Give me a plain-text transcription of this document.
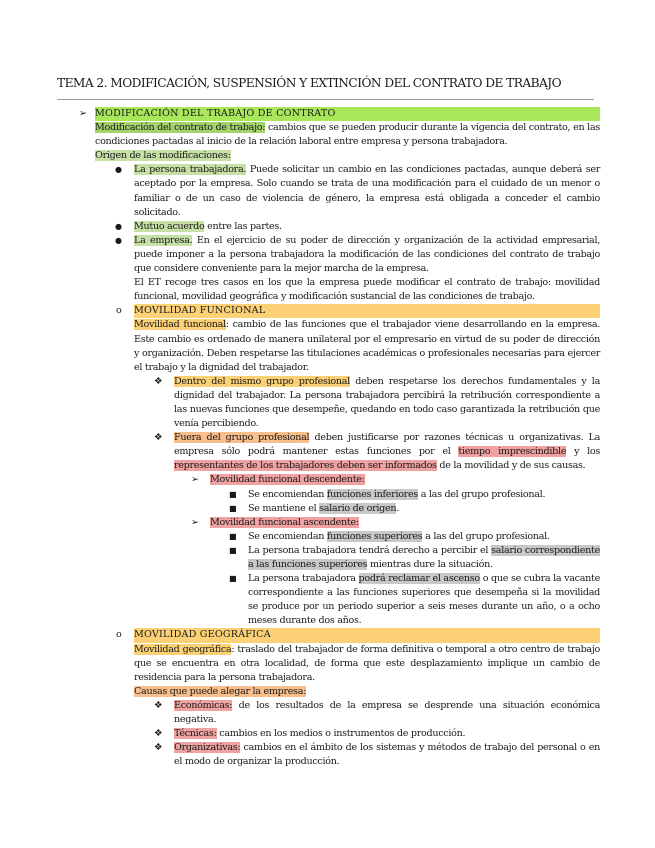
TEMA 2. MODIFICACIÓN, SUSPENSIÓN Y EXTINCIÓN DEL CONTRATO DE TRABAJO
➢ MODIFICACIÓN DEL TRABAJO DE CONTRATO

Modificación del contrato de trabajo: cambios que se pueden producir durante la vigencia del contrato, en las condiciones pactadas al inicio de la relación laboral entre empresa y persona trabajadora.

Origen de las modificaciones:

● La persona trabajadora. Puede solicitar un cambio en las condiciones pactadas, aunque deberá ser aceptado por la empresa. Solo cuando se trata de una modificación para el cuidado de un menor o familiar o de un caso de violencia de género, la empresa está obligada a conceder el cambio solicitado.

● Mutuo acuerdo entre las partes.

● La empresa. En el ejercicio de su poder de dirección y organización de la actividad empresarial, puede imponer a la persona trabajadora la modificación de las condiciones del contrato de trabajo que considere conveniente para la mejor marcha de la empresa.

El ET recoge tres casos en los que la empresa puede modificar el contrato de trabajo: movilidad funcional, movilidad geográfica y modificación sustancial de las condiciones de trabajo.

o MOVILIDAD FUNCIONAL

Movilidad funcional: cambio de las funciones que el trabajador viene desarrollando en la empresa. Este cambio es ordenado de manera unilateral por el empresario en virtud de su poder de dirección y organización. Deben respetarse las titulaciones académicas o profesionales necesarias para ejercer el trabajo y la dignidad del trabajador.

❖ Dentro del mismo grupo profesional deben respetarse los derechos fundamentales y la dignidad del trabajador. La persona trabajadora percibirá la retribución correspondiente a las nuevas funciones que desempeñe, quedando en todo caso garantizada la retribución que venía percibiendo.

❖ Fuera del grupo profesional deben justificarse por razones técnicas u organizativas. La empresa sólo podrá mantener estas funciones por el tiempo imprescindible y los representantes de los trabajadores deben ser informados de la movilidad y de sus causas.

➢ Movilidad funcional descendente:
■ Se encomiendan funciones inferiores a las del grupo profesional.

■ Se mantiene el salario de origen.

➢ Movilidad funcional ascendente:
■ Se encomiendan funciones superiores a las del grupo profesional.

■ La persona trabajadora tendrá derecho a percibir el salario correspondiente a las funciones superiores mientras dure la situación.

■ La persona trabajadora podrá reclamar el ascenso o que se cubra la vacante correspondiente a las funciones superiores que desempeña si la movilidad se produce por un periodo superior a seis meses durante un año, o a ocho meses durante dos años.

o MOVILIDAD GEOGRÁFICA

Movilidad geográfica: traslado del trabajador de forma definitiva o temporal a otro centro de trabajo que se encuentra en otra localidad, de forma que este desplazamiento implique un cambio de residencia para la persona trabajadora.

Causas que puede alegar la empresa:

❖ Económicas: de los resultados de la empresa se desprende una situación económica negativa.

❖ Técnicas: cambios en los medios o instrumentos de producción.

❖ Organizativas: cambios en el ámbito de los sistemas y métodos de trabajo del personal o en el modo de organizar la producción.
